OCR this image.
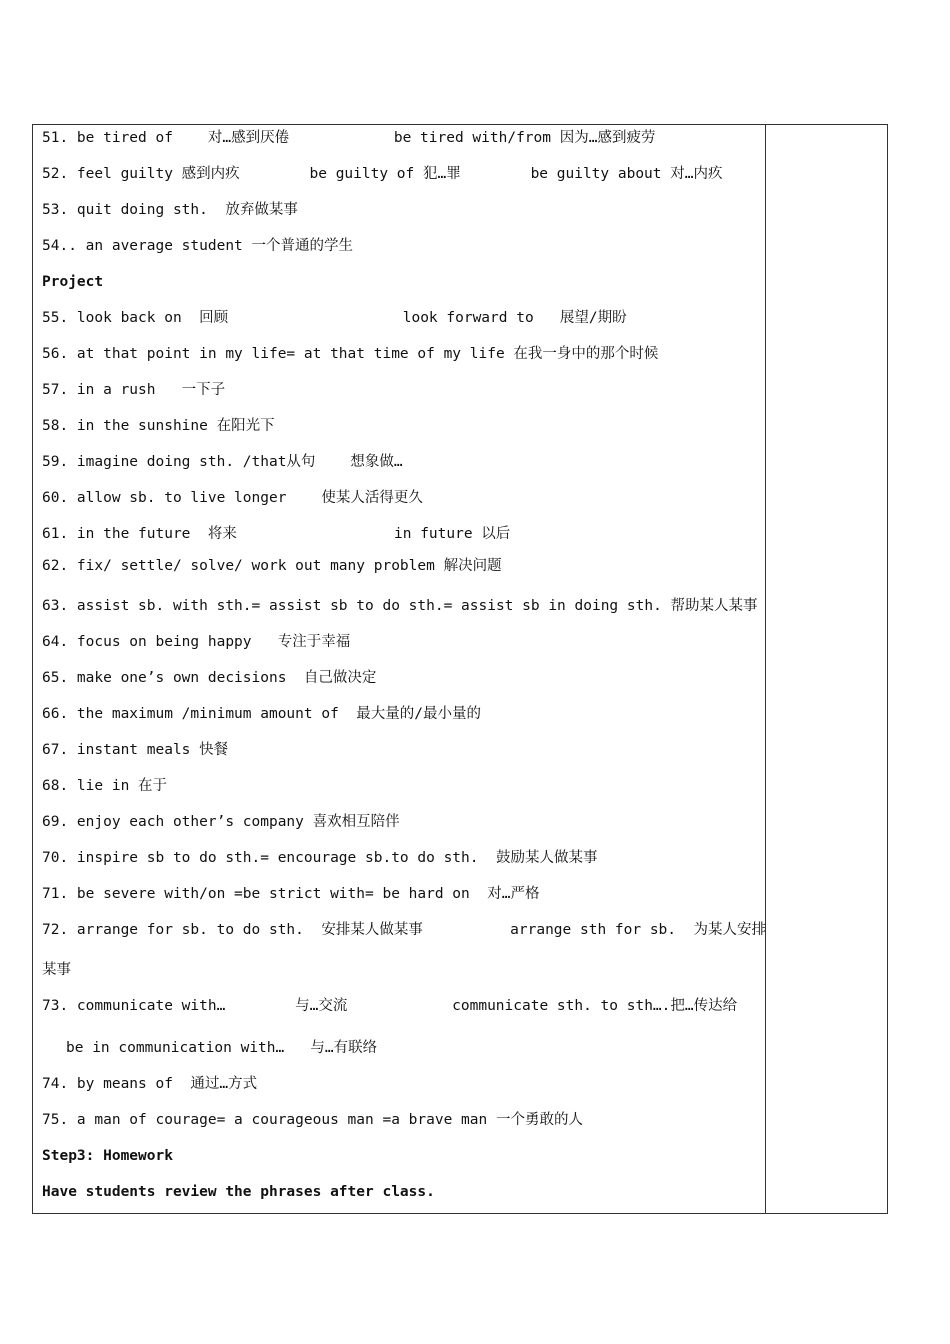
51. be tired of    对…感到厌倦            be tired with/from 因为…感到疲劳
52. feel guilty 感到内疚        be guilty of 犯…罪        be guilty about 对…内疚
53. quit doing sth.  放弃做某事
54.. an average student 一个普通的学生
Project
55. look back on  回顾                    look forward to   展望/期盼
56. at that point in my life= at that time of my life 在我一身中的那个时候
57. in a rush   一下子
58. in the sunshine 在阳光下
59. imagine doing sth. /that从句    想象做…
60. allow sb. to live longer    使某人活得更久
61. in the future  将来                  in future 以后
62. fix/ settle/ solve/ work out many problem 解决问题
63. assist sb. with sth.= assist sb to do sth.= assist sb in doing sth. 帮助某人某事
64. focus on being happy   专注于幸福
65. make one’s own decisions  自己做决定
66. the maximum /minimum amount of  最大量的/最小量的
67. instant meals 快餐
68. lie in 在于
69. enjoy each other’s company 喜欢相互陪伴
70. inspire sb to do sth.= encourage sb.to do sth.  鼓励某人做某事
71. be severe with/on =be strict with= be hard on  对…严格
72. arrange for sb. to do sth.  安排某人做某事          arrange sth for sb.  为某人安排
某事
73. communicate with…        与…交流            communicate sth. to sth….把…传达给
be in communication with…   与…有联络
74. by means of  通过…方式
75. a man of courage= a courageous man =a brave man 一个勇敢的人
Step3: Homework
Have students review the phrases after class.
